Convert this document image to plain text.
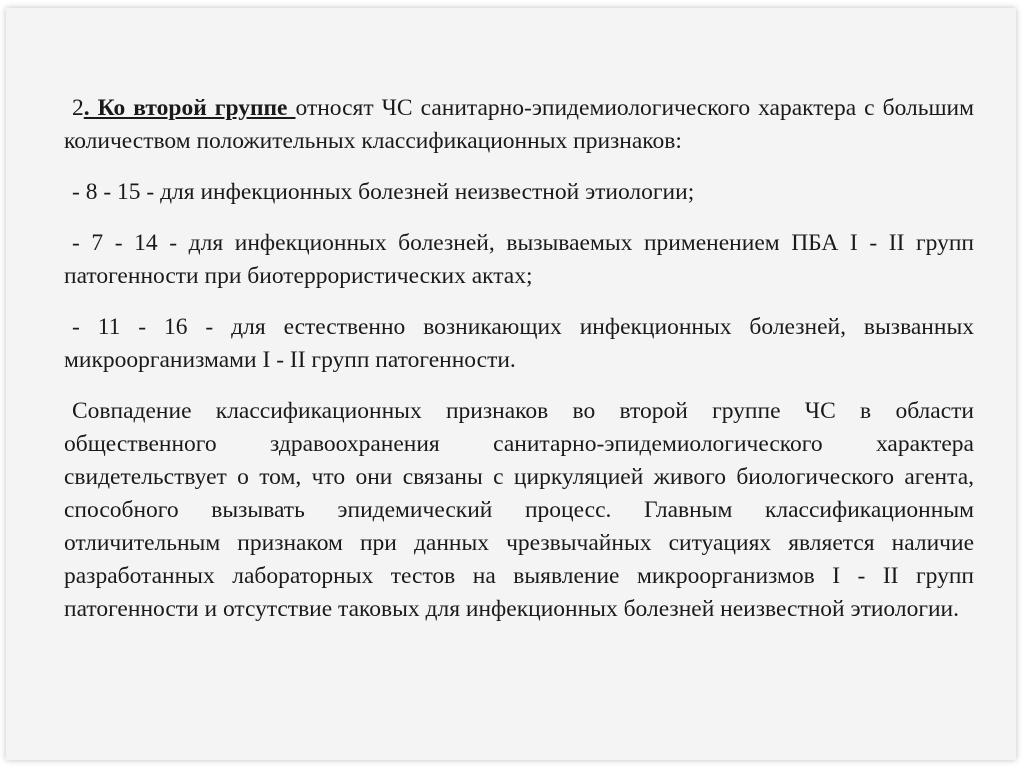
2. Ко второй группе относят ЧС санитарно-эпидемиологического характера с большим количеством положительных классификационных признаков:

- 8 - 15 - для инфекционных болезней неизвестной этиологии;

- 7 - 14 - для инфекционных болезней, вызываемых применением ПБА I - II групп патогенности при биотеррористических актах;

- 11 - 16 - для естественно возникающих инфекционных болезней, вызванных микроорганизмами I - II групп патогенности.

Совпадение классификационных признаков во второй группе ЧС в области общественного здравоохранения санитарно-эпидемиологического характера свидетельствует о том, что они связаны с циркуляцией живого биологического агента, способного вызывать эпидемический процесс. Главным классификационным отличительным признаком при данных чрезвычайных ситуациях является наличие разработанных лабораторных тестов на выявление микроорганизмов I - II групп патогенности и отсутствие таковых для инфекционных болезней неизвестной этиологии.
